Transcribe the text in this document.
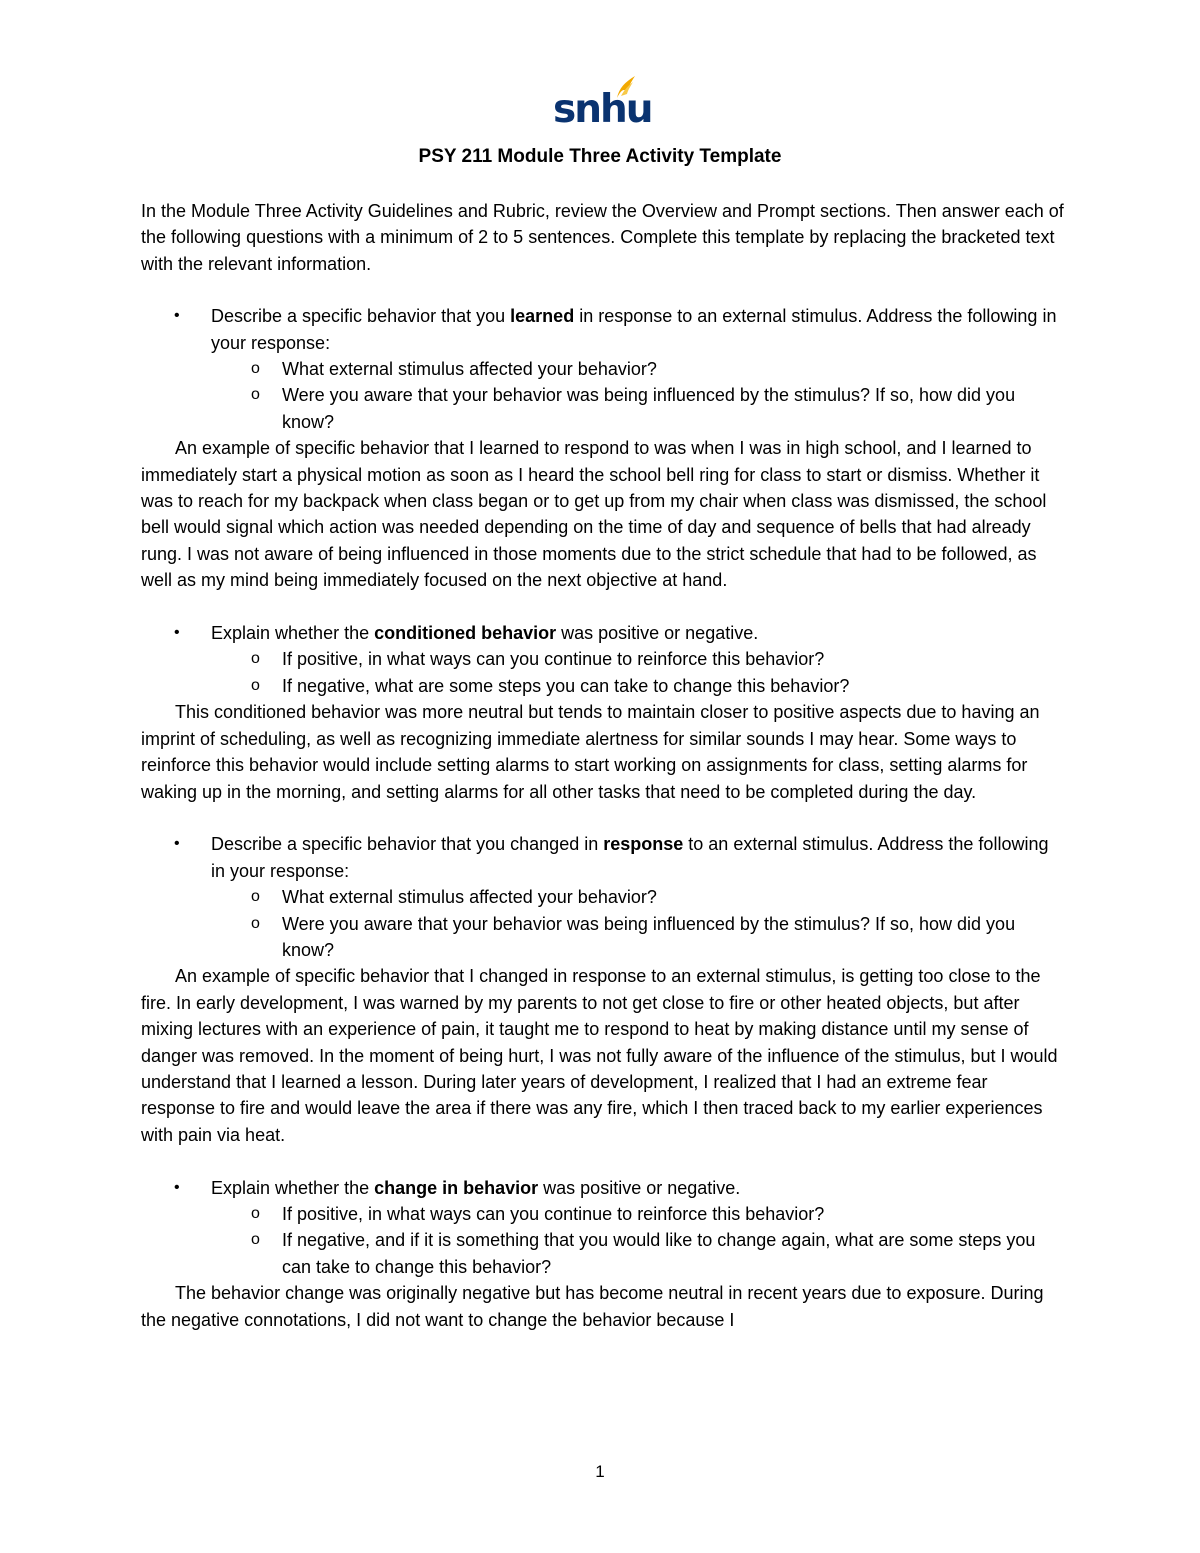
snhu
PSY 211 Module Three Activity Template

In the Module Three Activity Guidelines and Rubric, review the Overview and Prompt sections. Then answer each of the following questions with a minimum of 2 to 5 sentences. Complete this template by replacing the bracketed text with the relevant information.

• Describe a specific behavior that you learned in response to an external stimulus. Address the following in your response:

o What external stimulus affected your behavior?

o Were you aware that your behavior was being influenced by the stimulus? If so, how did you know?

An example of specific behavior that I learned to respond to was when I was in high school, and I learned to immediately start a physical motion as soon as I heard the school bell ring for class to start or dismiss. Whether it was to reach for my backpack when class began or to get up from my chair when class was dismissed, the school bell would signal which action was needed depending on the time of day and sequence of bells that had already rung. I was not aware of being influenced in those moments due to the strict schedule that had to be followed, as well as my mind being immediately focused on the next objective at hand.

• Explain whether the conditioned behavior was positive or negative.

o If positive, in what ways can you continue to reinforce this behavior?

o If negative, what are some steps you can take to change this behavior?

This conditioned behavior was more neutral but tends to maintain closer to positive aspects due to having an imprint of scheduling, as well as recognizing immediate alertness for similar sounds I may hear. Some ways to reinforce this behavior would include setting alarms to start working on assignments for class, setting alarms for waking up in the morning, and setting alarms for all other tasks that need to be completed during the day.

• Describe a specific behavior that you changed in response to an external stimulus. Address the following in your response:

o What external stimulus affected your behavior?

o Were you aware that your behavior was being influenced by the stimulus? If so, how did you know?

An example of specific behavior that I changed in response to an external stimulus, is getting too close to the fire. In early development, I was warned by my parents to not get close to fire or other heated objects, but after mixing lectures with an experience of pain, it taught me to respond to heat by making distance until my sense of danger was removed. In the moment of being hurt, I was not fully aware of the influence of the stimulus, but I would understand that I learned a lesson. During later years of development, I realized that I had an extreme fear response to fire and would leave the area if there was any fire, which I then traced back to my earlier experiences with pain via heat.

• Explain whether the change in behavior was positive or negative.

o If positive, in what ways can you continue to reinforce this behavior?

o If negative, and if it is something that you would like to change again, what are some steps you can take to change this behavior?

The behavior change was originally negative but has become neutral in recent years due to exposure. During the negative connotations, I did not want to change the behavior because I

1
